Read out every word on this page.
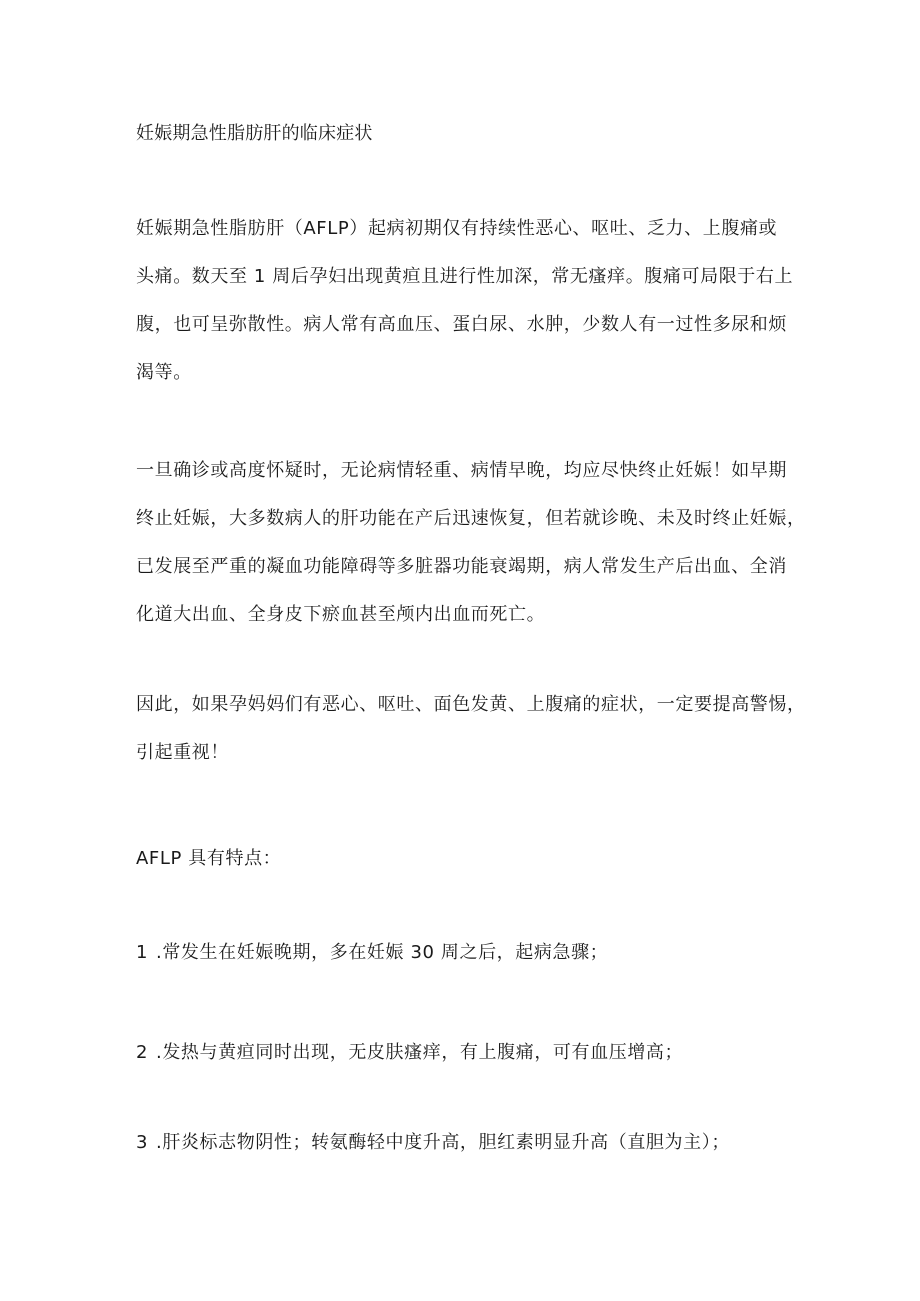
妊娠期急性脂肪肝的临床症状

妊娠期急性脂肪肝（AFLP）起病初期仅有持续性恶心、呕吐、乏力、上腹痛或
头痛。数天至 1 周后孕妇出现黄疸且进行性加深，常无瘙痒。腹痛可局限于右上
腹，也可呈弥散性。病人常有高血压、蛋白尿、水肿，少数人有一过性多尿和烦
渴等。

一旦确诊或高度怀疑时，无论病情轻重、病情早晚，均应尽快终止妊娠！如早期
终止妊娠，大多数病人的肝功能在产后迅速恢复，但若就诊晚、未及时终止妊娠，
已发展至严重的凝血功能障碍等多脏器功能衰竭期，病人常发生产后出血、全消
化道大出血、全身皮下瘀血甚至颅内出血而死亡。

因此，如果孕妈妈们有恶心、呕吐、面色发黄、上腹痛的症状，一定要提高警惕，
引起重视！

AFLP 具有特点：
1 .常发生在妊娠晚期，多在妊娠 30 周之后，起病急骤；
2 .发热与黄疸同时出现，无皮肤瘙痒，有上腹痛，可有血压增高；
3 .肝炎标志物阴性；转氨酶轻中度升高，胆红素明显升高（直胆为主）；
